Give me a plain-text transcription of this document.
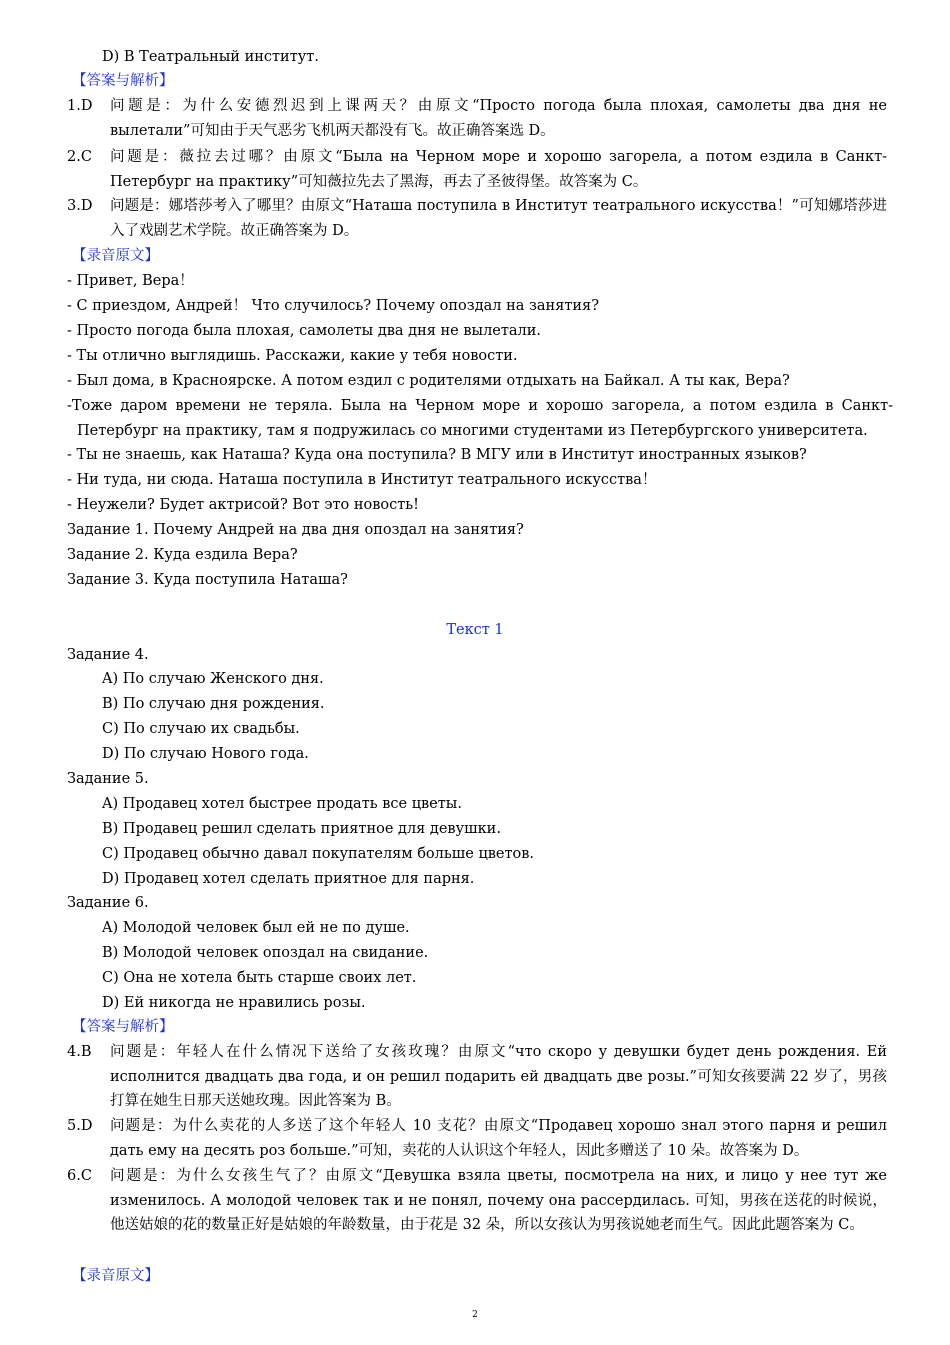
D) В Театральный институт.
【答案与解析】
1.D	问题是：为什么安德烈迟到上课两天？由原文“Просто погода была плохая, самолеты два дня не вылетали”可知由于天气恶劣飞机两天都没有飞。故正确答案选 D。
2.C	问题是：薇拉去过哪？由原文“Была на Черном море и хорошо загорела, а потом ездила в Санкт-Петербург на практику”可知薇拉先去了黑海，再去了圣彼得堡。故答案为 C。
3.D	问题是：娜塔莎考入了哪里？由原文“Наташа поступила в Институт театрального искусства！”可知娜塔莎进入了戏剧艺术学院。故正确答案为 D。
【录音原文】
- Привет, Вера！
- С приездом, Андрей！ Что случилось? Почему опоздал на занятия?
- Просто погода была плохая, самолеты два дня не вылетали.
- Ты отлично выглядишь. Расскажи, какие у тебя новости.
- Был дома, в Красноярске. А потом ездил с родителями отдыхать на Байкал. А ты как, Вера?
-Тоже даром времени не теряла. Была на Черном море и хорошо загорела, а потом ездила в Санкт-Петербург на практику, там я подружилась со многими студентами из Петербургского университета.
- Ты не знаешь, как Наташа? Куда она поступила? В МГУ или в Институт иностранных языков?
- Ни туда, ни сюда. Наташа поступила в Институт театрального искусства！
- Неужели? Будет актрисой? Вот это новость!
Задание 1. Почему Андрей на два дня опоздал на занятия?
Задание 2. Куда ездила Вера?
Задание 3. Куда поступила Наташа?
Текст 1
Задание 4.
A) По случаю Женского дня.
B) По случаю дня рождения.
C) По случаю их свадьбы.
D) По случаю Нового года.
Задание 5.
A) Продавец хотел быстрее продать все цветы.
B) Продавец решил сделать приятное для девушки.
C) Продавец обычно давал покупателям больше цветов.
D) Продавец хотел сделать приятное для парня.
Задание 6.
A) Молодой человек был ей не по душе.
B) Молодой человек опоздал на свидание.
C) Она не хотела быть старше своих лет.
D) Ей никогда не нравились розы.
【答案与解析】
4.B	问题是：年轻人在什么情况下送给了女孩玫瑰？由原文“что скоро у девушки будет день рождения. Ей исполнится двадцать два года, и он решил подарить ей двадцать две розы.”可知女孩要满 22 岁了，男孩打算在她生日那天送她玫瑰。因此答案为 B。
5.D	问题是：为什么卖花的人多送了这个年轻人 10 支花？由原文“Продавец хорошо знал этого парня и решил дать ему на десять роз больше.”可知，卖花的人认识这个年轻人，因此多赠送了 10 朵。故答案为 D。
6.C	问题是：为什么女孩生气了？由原文“Девушка взяла цветы, посмотрела на них, и лицо у нее тут же изменилось. А молодой человек так и не понял, почему она рассердилась. 可知，男孩在送花的时候说，他送姑娘的花的数量正好是姑娘的年龄数量，由于花是 32 朵，所以女孩认为男孩说她老而生气。因此此题答案为 C。
【录音原文】
2
